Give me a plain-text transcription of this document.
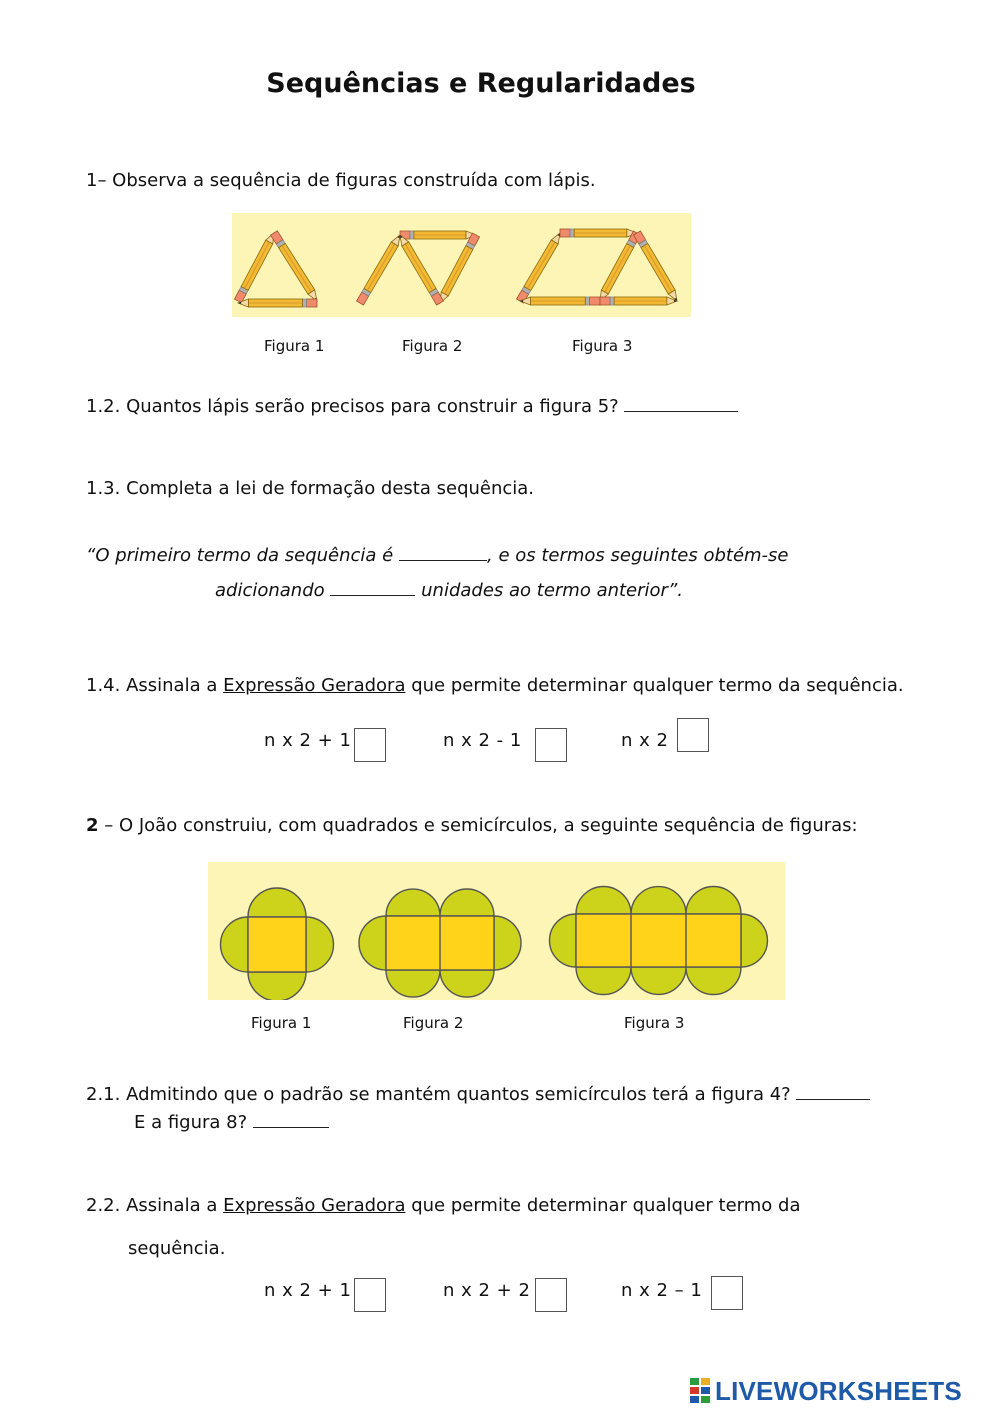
Sequências e Regularidades
1– Observa a sequência de figuras construída com lápis.
Figura 1	Figura 2	Figura 3
1.2. Quantos lápis serão precisos para construir a figura 5?
1.3. Completa a lei de formação desta sequência.
“O primeiro termo da sequência é	, e os termos seguintes obtém-se
adicionando	unidades ao termo anterior”.
1.4. Assinala a Expressão Geradora que permite determinar qualquer termo da sequência.
n x 2 + 1	n x 2 - 1	n x 2
2 – O João construiu, com quadrados e semicírculos, a seguinte sequência de figuras:
Figura 1	Figura 2	Figura 3
2.1. Admitindo que o padrão se mantém quantos semicírculos terá a figura 4?
E a figura 8?
2.2. Assinala a Expressão Geradora que permite determinar qualquer termo da
sequência.
n x 2 + 1	n x 2 + 2	n x 2 – 1
LIVEWORKSHEETS
